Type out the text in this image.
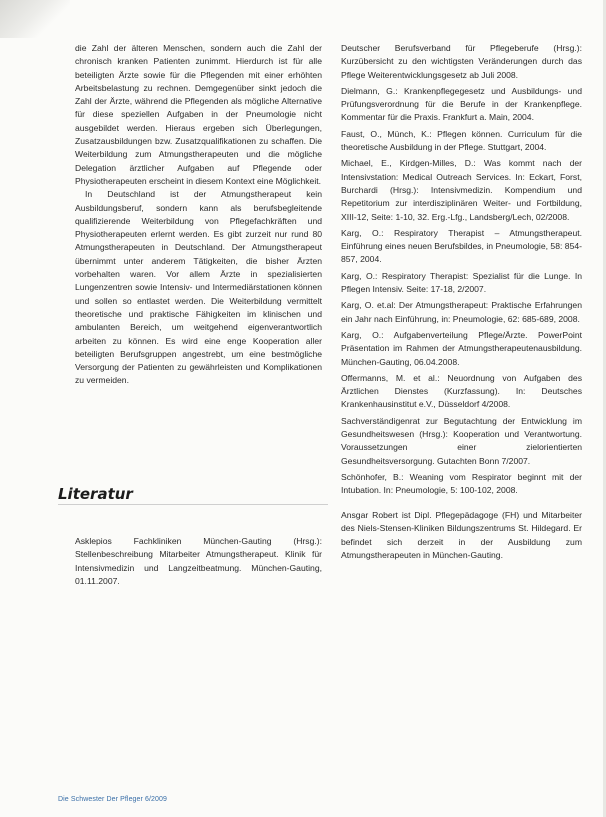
die Zahl der älteren Menschen, sondern auch die Zahl der chronisch kranken Patienten zunimmt. Hierdurch ist für alle beteiligten Ärzte sowie für die Pflegenden mit einer erhöhten Arbeitsbelastung zu rechnen. Demgegenüber sinkt jedoch die Zahl der Ärzte, während die Pflegenden als mögliche Alternative für diese speziellen Aufgaben in der Pneumologie nicht ausgebildet werden. Hieraus ergeben sich Überlegungen, Zusatzausbildungen bzw. Zusatzqualifikationen zu schaffen. Die Weiterbildung zum Atmungstherapeuten und die mögliche Delegation ärztlicher Aufgaben auf Pflegende oder Physiotherapeuten erscheint in diesem Kontext eine Möglichkeit.

In Deutschland ist der Atmungstherapeut kein Ausbildungsberuf, sondern kann als berufsbegleitende qualifizierende Weiterbildung von Pflegefachkräften und Physiotherapeuten erlernt werden. Es gibt zurzeit nur rund 80 Atmungstherapeuten in Deutschland. Der Atmungstherapeut übernimmt unter anderem Tätigkeiten, die bisher Ärzten vorbehalten waren. Vor allem Ärzte in spezialisierten Lungenzentren sowie Intensiv- und Intermediärstationen können und sollen so entlastet werden. Die Weiterbildung vermittelt theoretische und praktische Fähigkeiten im klinischen und ambulanten Bereich, um weitgehend eigenverantwortlich arbeiten zu können. Es wird eine enge Kooperation aller beteiligten Berufsgruppen angestrebt, um eine bestmögliche Versorgung der Patienten zu gewährleisten und Komplikationen zu vermeiden.

Literatur

Asklepios Fachkliniken München-Gauting (Hrsg.): Stellenbeschreibung Mitarbeiter Atmungstherapeut. Klinik für Intensivmedizin und Langzeitbeatmung. München-Gauting, 01.11.2007.

Deutscher Berufsverband für Pflegeberufe (Hrsg.): Kurzübersicht zu den wichtigsten Veränderungen durch das Pflege Weiterentwicklungsgesetz ab Juli 2008.

Dielmann, G.: Krankenpflegegesetz und Ausbildungs- und Prüfungsverordnung für die Berufe in der Krankenpflege. Kommentar für die Praxis. Frankfurt a. Main, 2004.

Faust, O., Münch, K.: Pflegen können. Curriculum für die theoretische Ausbildung in der Pflege. Stuttgart, 2004.

Michael, E., Kirdgen-Milles, D.: Was kommt nach der Intensivstation: Medical Outreach Services. In: Eckart, Forst, Burchardi (Hrsg.): Intensivmedizin. Kompendium und Repetitorium zur interdisziplinären Weiter- und Fortbildung, XIII-12, Seite: 1-10, 32. Erg.-Lfg., Landsberg/Lech, 02/2008.

Karg, O.: Respiratory Therapist – Atmungstherapeut. Einführung eines neuen Berufsbildes, in Pneumologie, 58: 854-857, 2004.

Karg, O.: Respiratory Therapist: Spezialist für die Lunge. In Pflegen Intensiv. Seite: 17-18, 2/2007.

Karg, O. et.al: Der Atmungstherapeut: Praktische Erfahrungen ein Jahr nach Einführung, in: Pneumologie, 62: 685-689, 2008.

Karg, O.: Aufgabenverteilung Pflege/Ärzte. PowerPoint Präsentation im Rahmen der Atmungstherapeutenausbildung. München-Gauting, 06.04.2008.

Offermanns, M. et al.: Neuordnung von Aufgaben des Ärztlichen Dienstes (Kurzfassung). In: Deutsches Krankenhausinstitut e.V., Düsseldorf 4/2008.

Sachverständigenrat zur Begutachtung der Entwicklung im Gesundheitswesen (Hrsg.): Kooperation und Verantwortung. Voraussetzungen einer zielorientierten Gesundheitsversorgung. Gutachten Bonn 7/2007.

Schönhofer, B.: Weaning vom Respirator beginnt mit der Intubation. In: Pneumologie, 5: 100-102, 2008.

Ansgar Robert ist Dipl. Pflegepädagoge (FH) und Mitarbeiter des Niels-Stensen-Kliniken Bildungszentrums St. Hildegard. Er befindet sich derzeit in der Ausbildung zum Atmungstherapeuten in München-Gauting.

Die Schwester Der Pfleger 6/2009
